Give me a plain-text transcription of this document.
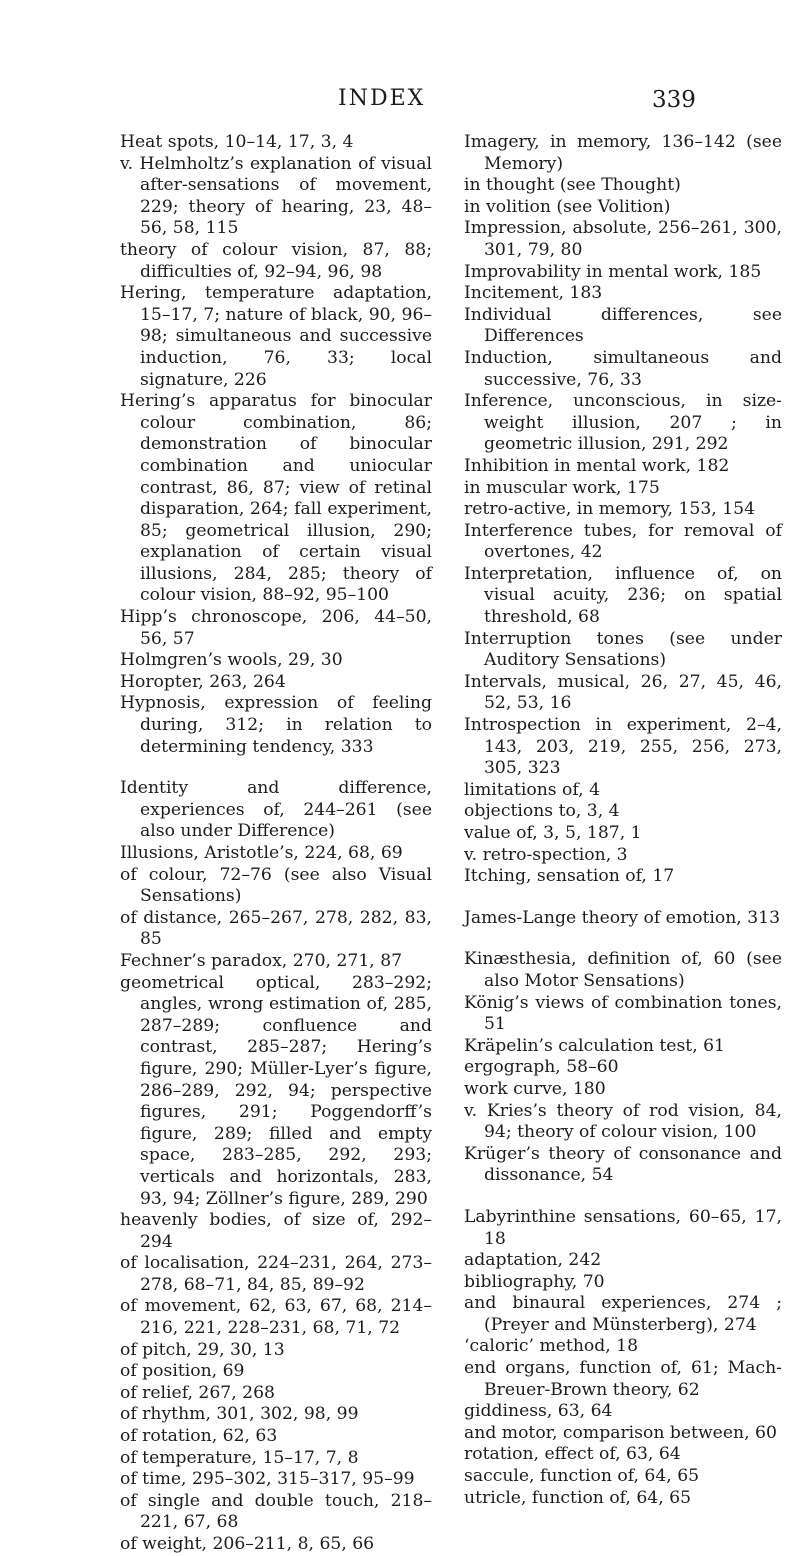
INDEX	339
Heat spots, 10–14, 17, 3, 4
v. Helmholtz’s explanation of visual after-sensations of movement, 229; theory of hearing, 23, 48–56, 58, 115
theory of colour vision, 87, 88; difficulties of, 92–94, 96, 98
Hering, temperature adaptation, 15–17, 7; nature of black, 90, 96–98; simultaneous and successive induction, 76, 33; local signature, 226
Hering’s apparatus for binocular colour combination, 86; demonstration of binocular combination and uniocular contrast, 86, 87; view of retinal disparation, 264; fall experiment, 85; geometrical illusion, 290; explanation of certain visual illusions, 284, 285; theory of colour vision, 88–92, 95–100
Hipp’s chronoscope, 206, 44–50, 56, 57
Holmgren’s wools, 29, 30
Horopter, 263, 264
Hypnosis, expression of feeling during, 312; in relation to determining tendency, 333
Identity and difference, experiences of, 244–261 (see also under Difference)
Illusions, Aristotle’s, 224, 68, 69
of colour, 72–76 (see also Visual Sensations)
of distance, 265–267, 278, 282, 83, 85
Fechner’s paradox, 270, 271, 87
geometrical optical, 283–292; angles, wrong estimation of, 285, 287–289; confluence and contrast, 285–287; Hering’s figure, 290; Müller-Lyer’s figure, 286–289, 292, 94; perspective figures, 291; Poggendorff’s figure, 289; filled and empty space, 283–285, 292, 293; verticals and horizontals, 283, 93, 94; Zöllner’s figure, 289, 290
heavenly bodies, of size of, 292–294
of localisation, 224–231, 264, 273–278, 68–71, 84, 85, 89–92
of movement, 62, 63, 67, 68, 214–216, 221, 228–231, 68, 71, 72
of pitch, 29, 30, 13
of position, 69
of relief, 267, 268
of rhythm, 301, 302, 98, 99
of rotation, 62, 63
of temperature, 15–17, 7, 8
of time, 295–302, 315–317, 95–99
of single and double touch, 218–221, 67, 68
of weight, 206–211, 8, 65, 66
Imagery, in memory, 136–142 (see Memory)
in thought (see Thought)
in volition (see Volition)
Impression, absolute, 256–261, 300, 301, 79, 80
Improvability in mental work, 185
Incitement, 183
Individual differences, see Differences
Induction, simultaneous and successive, 76, 33
Inference, unconscious, in size-weight illusion, 207 ; in geometric illusion, 291, 292
Inhibition in mental work, 182
in muscular work, 175
retro-active, in memory, 153, 154
Interference tubes, for removal of overtones, 42
Interpretation, influence of, on visual acuity, 236; on spatial threshold, 68
Interruption tones (see under Auditory Sensations)
Intervals, musical, 26, 27, 45, 46, 52, 53, 16
Introspection in experiment, 2–4, 143, 203, 219, 255, 256, 273, 305, 323
limitations of, 4
objections to, 3, 4
value of, 3, 5, 187, 1
v. retro-spection, 3
Itching, sensation of, 17
James-Lange theory of emotion, 313
Kinæsthesia, definition of, 60 (see also Motor Sensations)
König’s views of combination tones, 51
Kräpelin’s calculation test, 61
ergograph, 58–60
work curve, 180
v. Kries’s theory of rod vision, 84, 94; theory of colour vision, 100
Krüger’s theory of consonance and dissonance, 54
Labyrinthine sensations, 60–65, 17, 18
adaptation, 242
bibliography, 70
and binaural experiences, 274 ; (Preyer and Münsterberg), 274
‘caloric’ method, 18
end organs, function of, 61; Mach-Breuer-Brown theory, 62
giddiness, 63, 64
and motor, comparison between, 60
rotation, effect of, 63, 64
saccule, function of, 64, 65
utricle, function of, 64, 65
